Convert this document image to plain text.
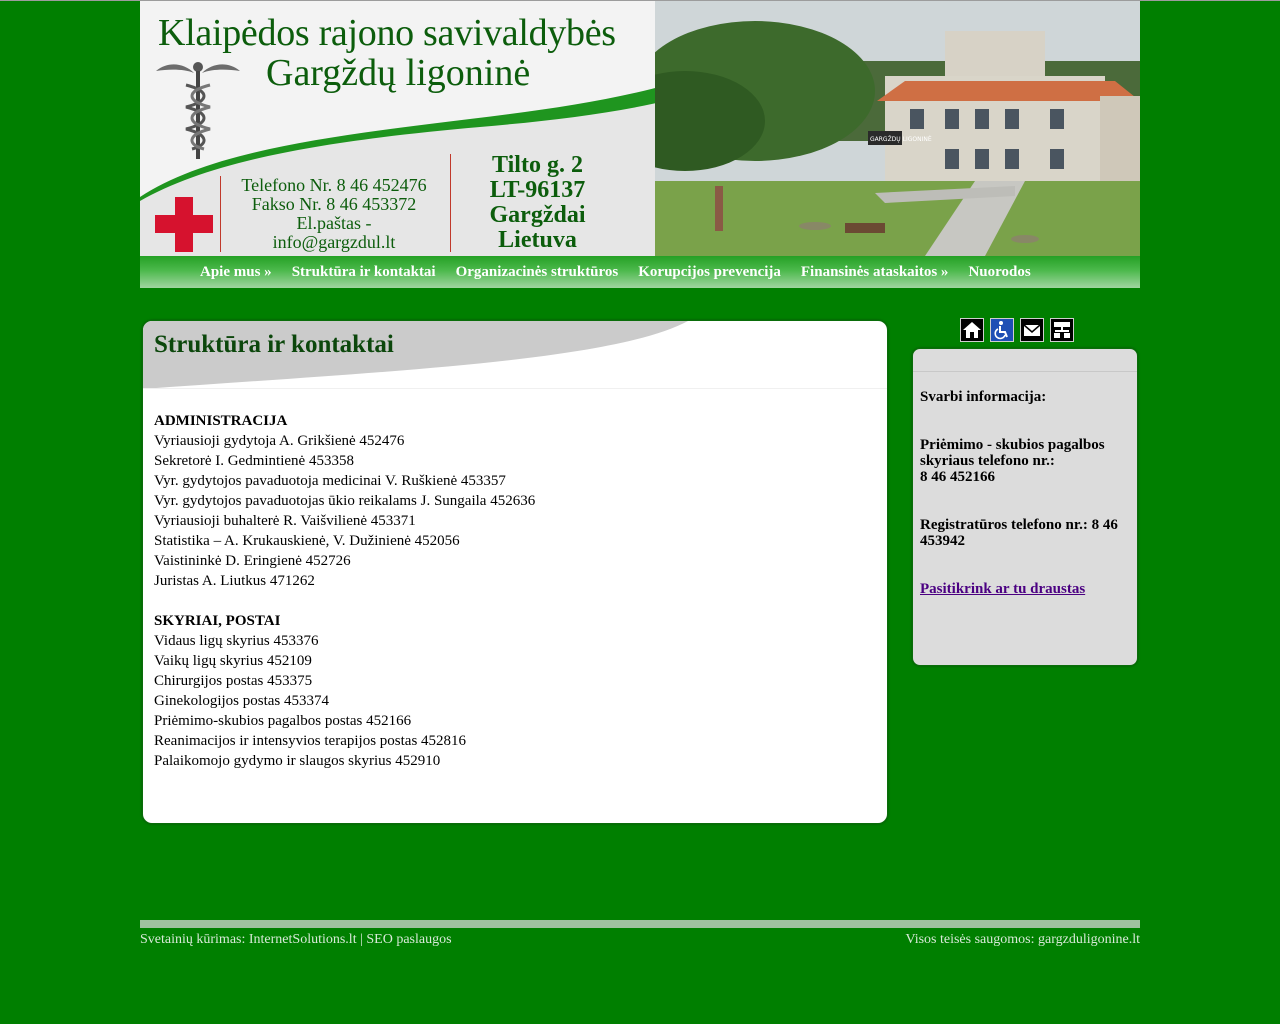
Klaipėdos rajono savivaldybės
Gargždų ligoninė
Telefono Nr. 8 46 452476
Fakso Nr. 8 46 453372
El.paštas -
info@gargzdul.lt
Tilto g. 2
LT-96137
Gargždai
Lietuva
GARGŽDŲ LIGONINĖ
Apie mus »	Struktūra ir kontaktai	Organizacinės struktūros	Korupcijos prevencija	Finansinės ataskaitos »	Nuorodos
Struktūra ir kontaktai
ADMINISTRACIJA
Vyriausioji gydytoja A. Grikšienė 452476
Sekretorė I. Gedmintienė 453358
Vyr. gydytojos pavaduotoja medicinai V. Ruškienė 453357
Vyr. gydytojos pavaduotojas ūkio reikalams J. Sungaila 452636
Vyriausioji buhalterė R. Vaišvilienė 453371
Statistika – A. Krukauskienė, V. Dužinienė 452056
Vaistininkė D. Eringienė 452726
Juristas A. Liutkus 471262
SKYRIAI, POSTAI
Vidaus ligų skyrius 453376
Vaikų ligų skyrius 452109
Chirurgijos postas 453375
Ginekologijos postas 453374
Priėmimo-skubios pagalbos postas 452166
Reanimacijos ir intensyvios terapijos postas 452816
Palaikomojo gydymo ir slaugos skyrius 452910

Svarbi informacija:

Priėmimo - skubios pagalbos skyriaus telefono nr.:
8 46 452166

Registratūros telefono nr.: 8 46 453942

Pasitikrink ar tu draustas

Svetainių kūrimas: InternetSolutions.lt | SEO paslaugos	Visos teisės saugomos: gargzduligonine.lt
